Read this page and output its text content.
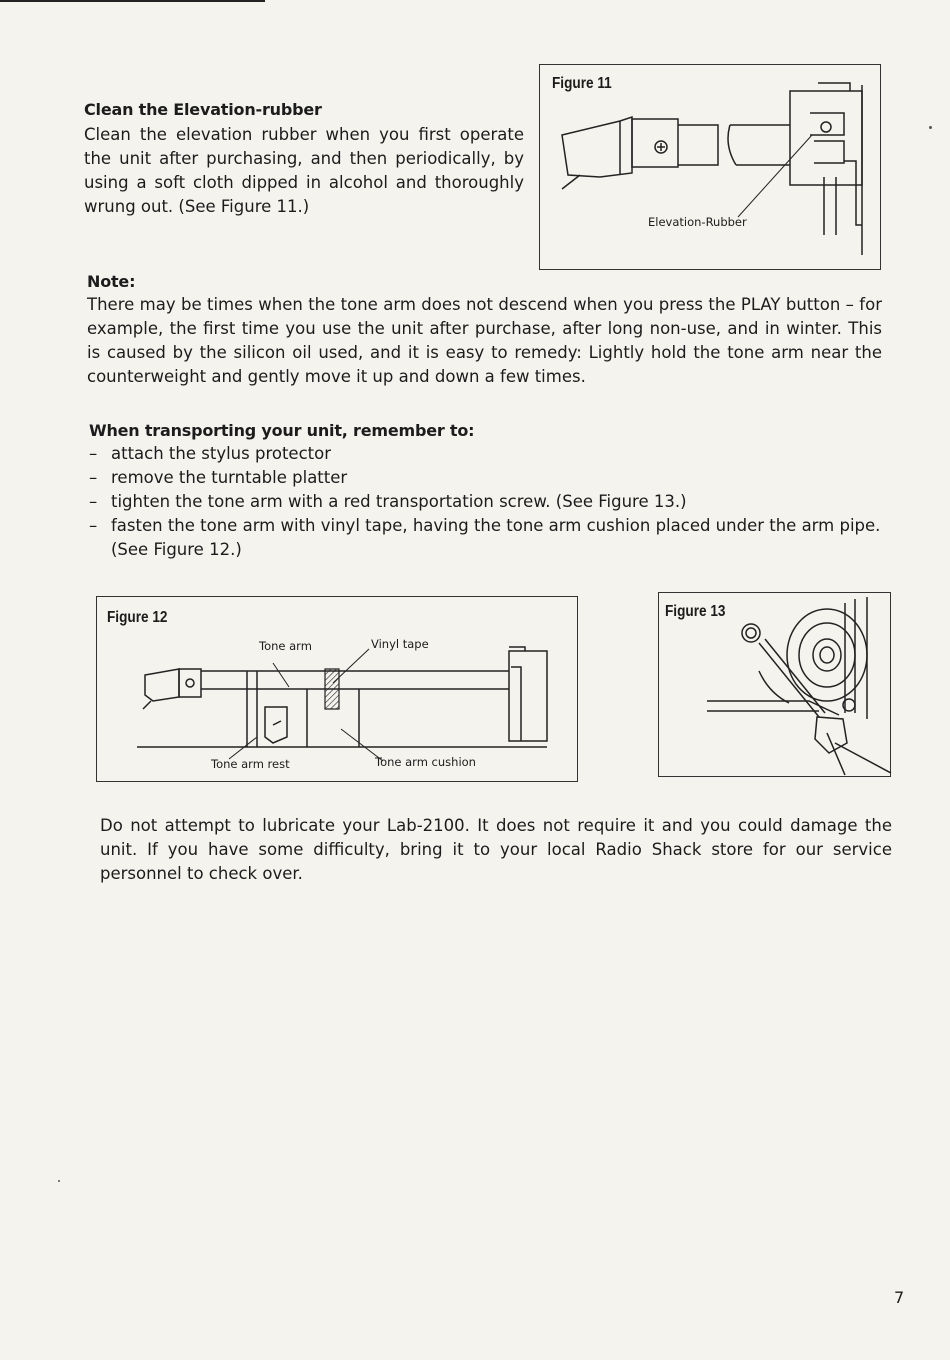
Clean the Elevation-rubber
Clean the elevation rubber when you first operate the unit after purchasing, and then periodically, by using a soft cloth dipped in alcohol and thoroughly wrung out. (See Figure 11.)
Figure 11
Elevation-Rubber
Note:
There may be times when the tone arm does not descend when you press the PLAY button – for example, the first time you use the unit after purchase, after long non-use, and in winter. This is caused by the silicon oil used, and it is easy to remedy: Lightly hold the tone arm near the counterweight and gently move it up and down a few times.
When transporting your unit, remember to:
– attach the stylus protector
– remove the turntable platter
– tighten the tone arm with a red transportation screw. (See Figure 13.)
– fasten the tone arm with vinyl tape, having the tone arm cushion placed under the arm pipe. (See Figure 12.)
Figure 12
Tone arm	Vinyl tape
Tone arm rest	Tone arm cushion
Figure 13
Do not attempt to lubricate your Lab-2100. It does not require it and you could damage the unit. If you have some difficulty, bring it to your local Radio Shack store for our service personnel to check over.
7
